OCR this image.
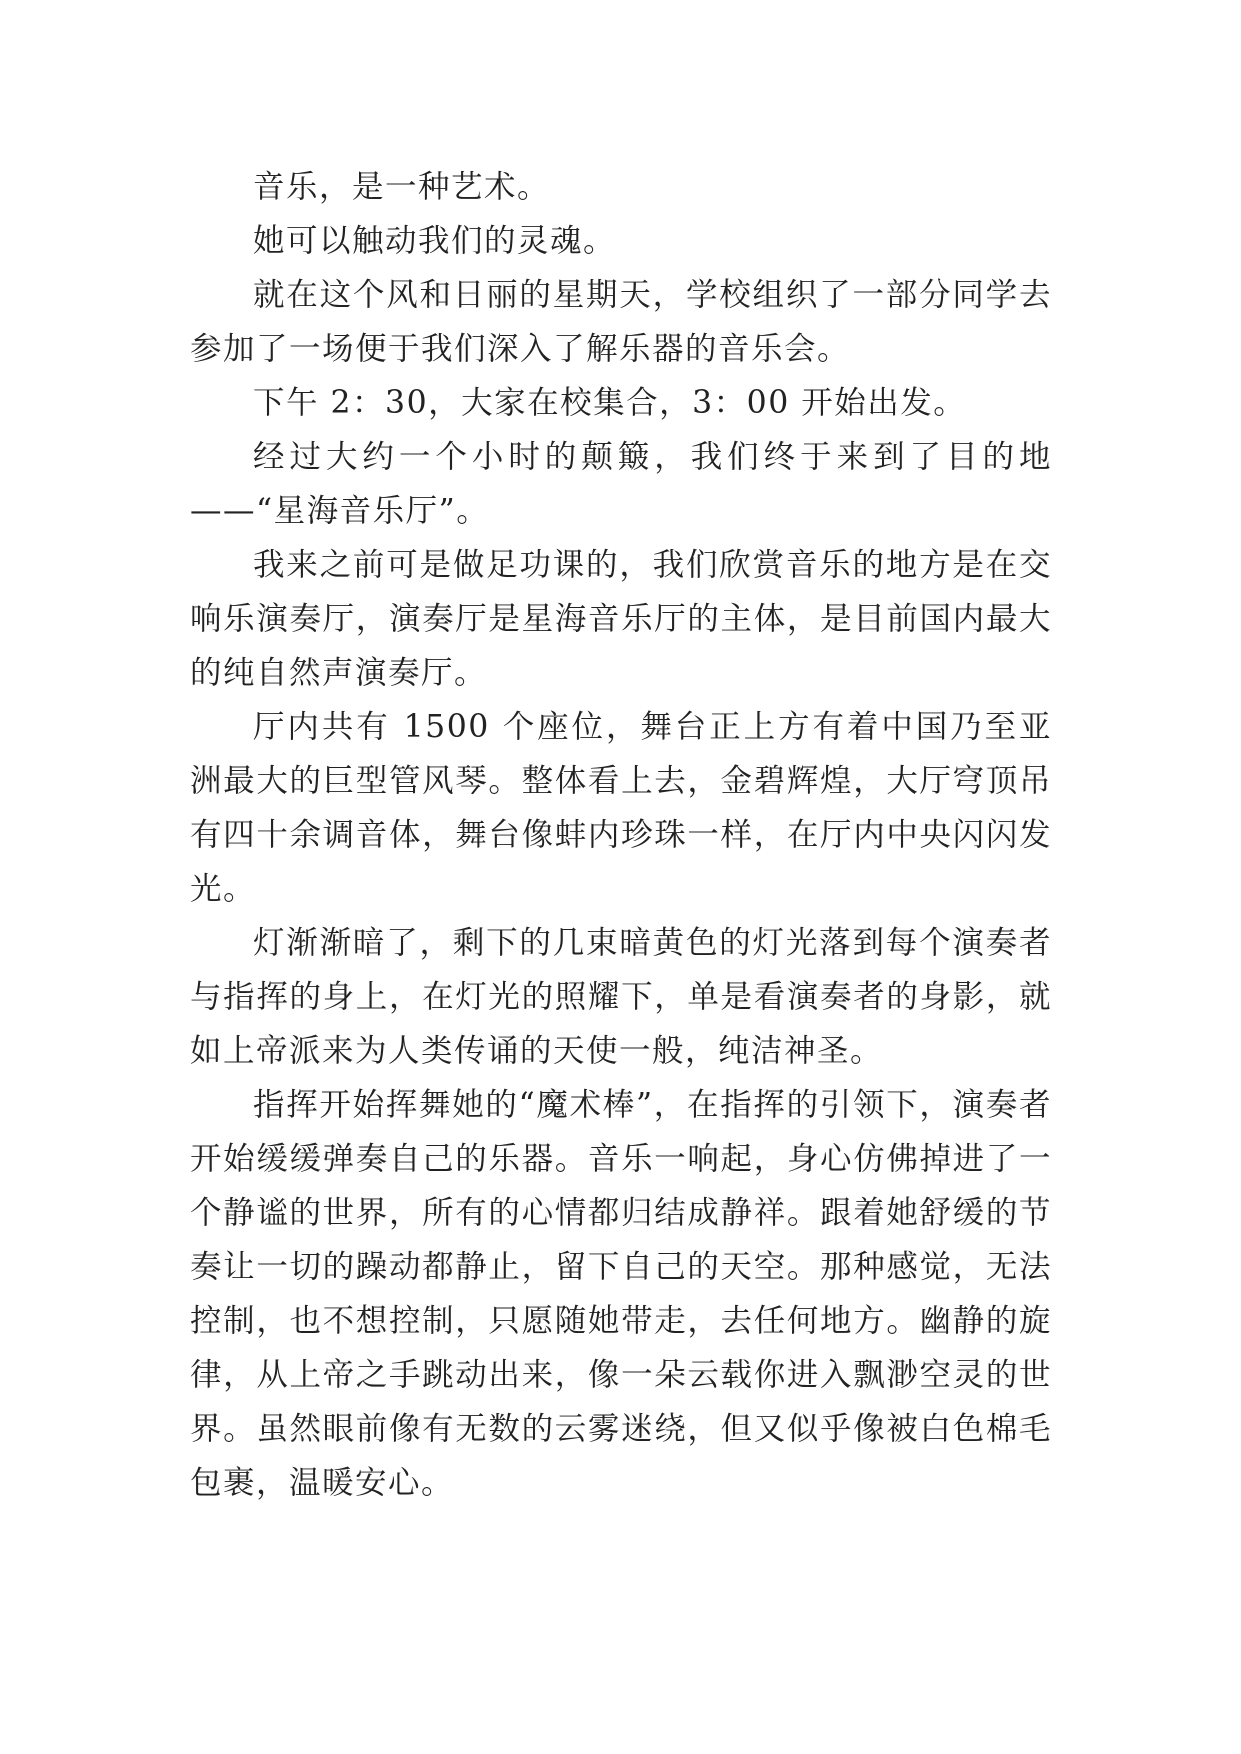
音乐，是一种艺术。

她可以触动我们的灵魂。

就在这个风和日丽的星期天，学校组织了一部分同学去参加了一场便于我们深入了解乐器的音乐会。

下午 2：30，大家在校集合，3：00 开始出发。

经过大约一个小时的颠簸，我们终于来到了目的地——“星海音乐厅”。

我来之前可是做足功课的，我们欣赏音乐的地方是在交响乐演奏厅，演奏厅是星海音乐厅的主体，是目前国内最大的纯自然声演奏厅。

厅内共有 1500 个座位，舞台正上方有着中国乃至亚洲最大的巨型管风琴。整体看上去，金碧辉煌，大厅穹顶吊有四十余调音体，舞台像蚌内珍珠一样，在厅内中央闪闪发光。

灯渐渐暗了，剩下的几束暗黄色的灯光落到每个演奏者与指挥的身上，在灯光的照耀下，单是看演奏者的身影，就如上帝派来为人类传诵的天使一般，纯洁神圣。

指挥开始挥舞她的“魔术棒”，在指挥的引领下，演奏者开始缓缓弹奏自己的乐器。音乐一响起，身心仿佛掉进了一个静谧的世界，所有的心情都归结成静祥。跟着她舒缓的节奏让一切的躁动都静止，留下自己的天空。那种感觉，无法控制，也不想控制，只愿随她带走，去任何地方。幽静的旋律，从上帝之手跳动出来，像一朵云载你进入飘渺空灵的世界。虽然眼前像有无数的云雾迷绕，但又似乎像被白色棉毛包裹，温暖安心。
